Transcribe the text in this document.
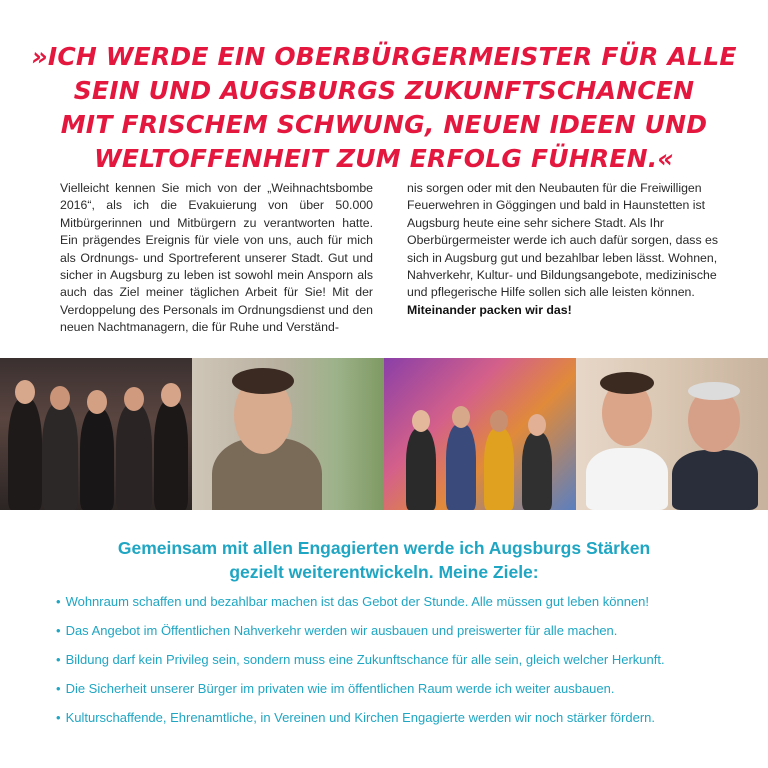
»ICH WERDE EIN OBERBÜRGERMEISTER FÜR ALLE
SEIN UND AUGSBURGS ZUKUNFTSCHANCEN
MIT FRISCHEM SCHWUNG, NEUEN IDEEN UND
WELTOFFENHEIT ZUM ERFOLG FÜHREN.«

Vielleicht kennen Sie mich von der „Weihnachtsbombe 2016“, als ich die Evakuierung von über 50.000 Mitbürgerinnen und Mitbürgern zu verantworten hatte. Ein prägendes Ereignis für viele von uns, auch für mich als Ordnungs- und Sportreferent unserer Stadt. Gut und sicher in Augsburg zu leben ist sowohl mein Ansporn als auch das Ziel meiner täglichen Arbeit für Sie! Mit der Verdoppelung des Personals im Ordnungsdienst und den neuen Nachtmanagern, die für Ruhe und Verständ-

nis sorgen oder mit den Neubauten für die Freiwilligen Feuerwehren in Göggingen und bald in Haunstetten ist Augsburg heute eine sehr sichere Stadt. Als Ihr Oberbürgermeister werde ich auch dafür sorgen, dass es sich in Augsburg gut und bezahlbar leben lässt. Wohnen, Nahverkehr, Kultur- und Bildungsangebote, medizinische und pflegerische Hilfe sollen sich alle leisten können.

Miteinander packen wir das!

Gemeinsam mit allen Engagierten werde ich Augsburgs Stärken
gezielt weiterentwickeln. Meine Ziele:
• Wohnraum schaffen und bezahlbar machen ist das Gebot der Stunde. Alle müssen gut leben können!
• Das Angebot im Öffentlichen Nahverkehr werden wir ausbauen und preiswerter für alle machen.
• Bildung darf kein Privileg sein, sondern muss eine Zukunftschance für alle sein, gleich welcher Herkunft.
• Die Sicherheit unserer Bürger im privaten wie im öffentlichen Raum werde ich weiter ausbauen.
• Kulturschaffende, Ehrenamtliche, in Vereinen und Kirchen Engagierte werden wir noch stärker fördern.
